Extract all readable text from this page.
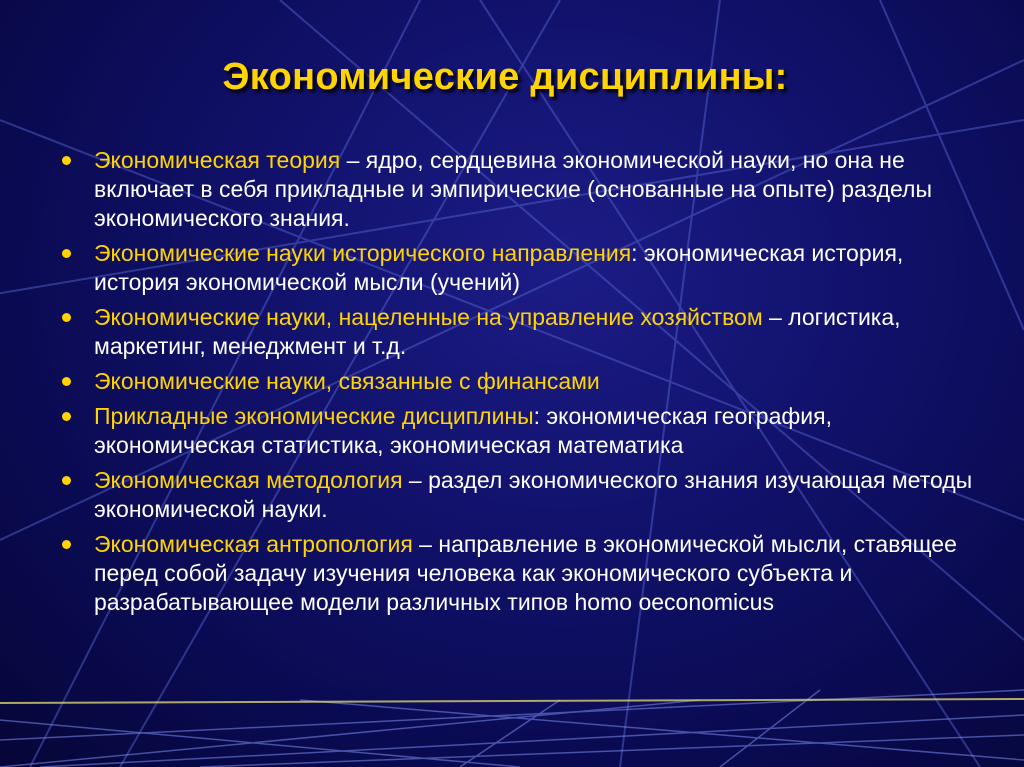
Экономические дисциплины:
Экономическая теория – ядро, сердцевина экономической науки, но она не включает в себя прикладные и эмпирические (основанные на опыте) разделы экономического знания.
Экономические науки исторического направления: экономическая история, история экономической мысли (учений)
Экономические науки, нацеленные на управление хозяйством – логистика, маркетинг, менеджмент и т.д.
Экономические науки, связанные с финансами
Прикладные экономические дисциплины: экономическая география, экономическая статистика, экономическая математика
Экономическая методология – раздел экономического знания изучающая методы экономической науки.
Экономическая антропология – направление в экономической мысли, ставящее перед собой задачу изучения человека как экономического субъекта и разрабатывающее модели различных типов homo oeconomicus
